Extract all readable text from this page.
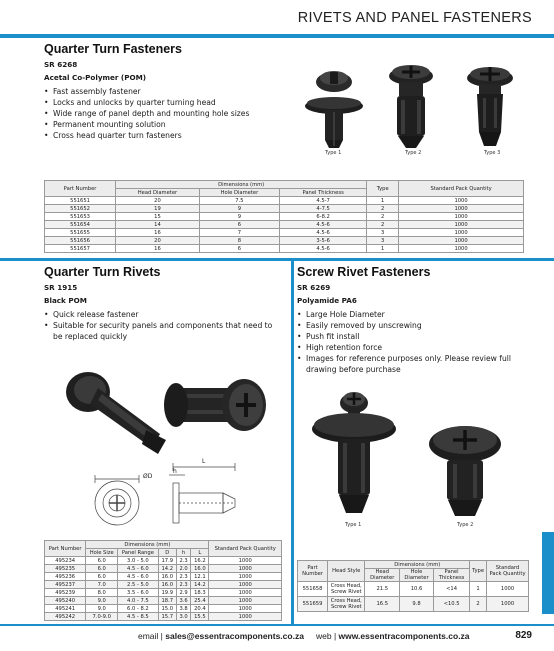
RIVETS AND PANEL FASTENERS
Quarter Turn Fasteners
SR 6268
Acetal Co-Polymer (POM)
• Fast assembly fastener
• Locks and unlocks by quarter turning head
• Wide range of panel depth and mounting hole sizes
• Permanent mounting solution
• Cross head quarter turn fasteners
Type 1	Type 2	Type 3
Part Number	Dimensions (mm)			Type	Standard Pack Quantity
	Head Diameter	Hole Diameter	Panel Thickness		
551651	20	7.5	4.5-7	1	1000
551652	19	9	4-7.5	2	1000
551653	15	9	6-8.2	2	1000
551654	14	6	4.5-6	2	1000
551655	16	7	4.5-6	3	1000
551656	20	8	3-5-6	3	1000
551657	16	6	4.5-6	1	1000
Quarter Turn Rivets
SR 1915
Black POM
• Quick release fastener
• Suitable for security panels and components that need to be replaced quickly
ØD
L
h
Part Number	Dimensions (mm)					Standard Pack Quantity
	Hole Size	Panel Range	D	h	L	
495234	6.0	3.0 - 5.0	17.9	2.3	16.2	1000
495235	6.0	4.5 - 6.0	14.2	2.0	16.0	1000
495236	6.0	4.5 - 6.0	16.0	2.3	12.1	1000
495237	7.0	2.5 - 5.0	16.0	2.3	14.2	1000
495239	8.0	3.5 - 6.0	19.9	2.9	18.3	1000
495240	9.0	4.0 - 7.5	18.7	3.6	25.4	1000
495241	9.0	6.0 - 8.2	15.0	3.8	20.4	1000
495242	7.0-9.0	4.5 - 8.5	15.7	3.0	15.5	1000
Screw Rivet Fasteners
SR 6269
Polyamide PA6
• Large Hole Diameter
• Easily removed by unscrewing
• Push fit install
• High retention force
• Images for reference purposes only. Please review full drawing before purchase
Type 1	Type 2
Part Number	Head Style	Dimensions (mm)			Type	Standard Pack Quantity
		Head Diameter	Hole Diameter	Panel Thickness		
551658	Cross Head, Screw Rivet	21.5	10.6	<14	1	1000
551659	Cross Head, Screw Rivet	16.5	9.8	<10.5	2	1000
email | sales@essentracomponents.co.za web | www.essentracomponents.co.za	829
